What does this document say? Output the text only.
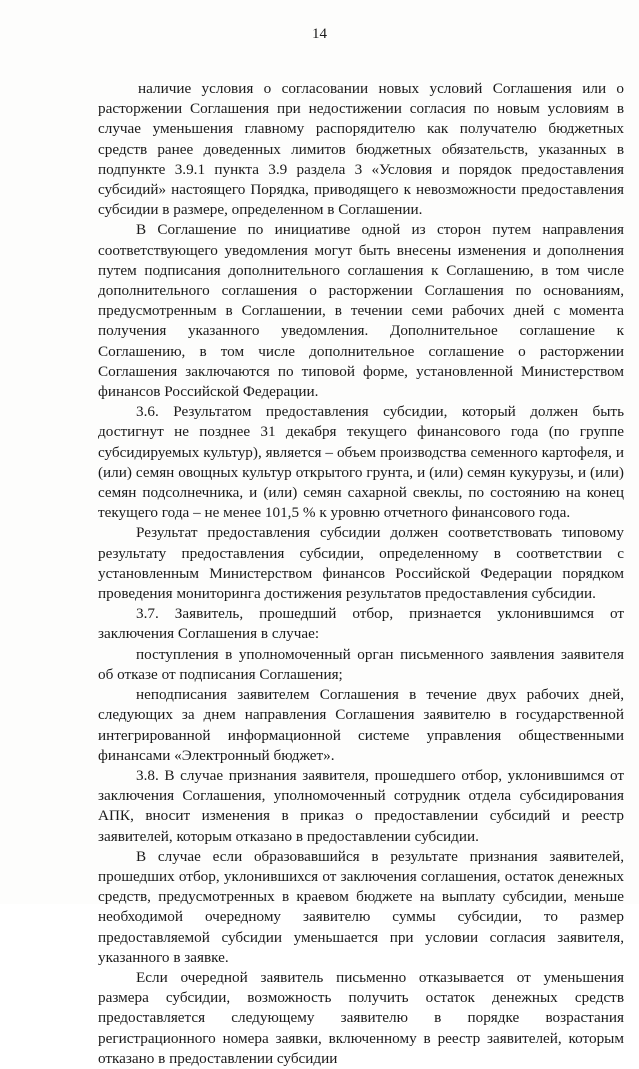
14

наличие условия о согласовании новых условий Соглашения или о расторжении Соглашения при недостижении согласия по новым условиям в случае уменьшения главному распорядителю как получателю бюджетных средств ранее доведенных лимитов бюджетных обязательств, указанных в подпункте 3.9.1 пункта 3.9 раздела 3 «Условия и порядок предоставления субсидий» настоящего Порядка, приводящего к невозможности предоставления субсидии в размере, определенном в Соглашении.

В Соглашение по инициативе одной из сторон путем направления соответствующего уведомления могут быть внесены изменения и дополнения путем подписания дополнительного соглашения к Соглашению, в том числе дополнительного соглашения о расторжении Соглашения по основаниям, предусмотренным в Соглашении, в течении семи рабочих дней с момента получения указанного уведомления. Дополнительное соглашение к Соглашению, в том числе дополнительное соглашение о расторжении Соглашения заключаются по типовой форме, установленной Министерством финансов Российской Федерации.

3.6. Результатом предоставления субсидии, который должен быть достигнут не позднее 31 декабря текущего финансового года (по группе субсидируемых культур), является – объем производства семенного картофеля, и (или) семян овощных культур открытого грунта, и (или) семян кукурузы, и (или) семян подсолнечника, и (или) семян сахарной свеклы, по состоянию на конец текущего года – не менее 101,5 % к уровню отчетного финансового года.

Результат предоставления субсидии должен соответствовать типовому результату предоставления субсидии, определенному в соответствии с установленным Министерством финансов Российской Федерации порядком проведения мониторинга достижения результатов предоставления субсидии.

3.7. Заявитель, прошедший отбор, признается уклонившимся от заключения Соглашения в случае:

поступления в уполномоченный орган письменного заявления заявителя об отказе от подписания Соглашения;

неподписания заявителем Соглашения в течение двух рабочих дней, следующих за днем направления Соглашения заявителю в государственной интегрированной информационной системе управления общественными финансами «Электронный бюджет».

3.8. В случае признания заявителя, прошедшего отбор, уклонившимся от заключения Соглашения, уполномоченный сотрудник отдела субсидирования АПК, вносит изменения в приказ о предоставлении субсидий и реестр заявителей, которым отказано в предоставлении субсидии.

В случае если образовавшийся в результате признания заявителей, прошедших отбор, уклонившихся от заключения соглашения, остаток денежных средств, предусмотренных в краевом бюджете на выплату субсидии, меньше необходимой очередному заявителю суммы субсидии, то размер предоставляемой субсидии уменьшается при условии согласия заявителя, указанного в заявке.

Если очередной заявитель письменно отказывается от уменьшения размера субсидии, возможность получить остаток денежных средств предоставляется следующему заявителю в порядке возрастания регистрационного номера заявки, включенному в реестр заявителей, которым отказано в предоставлении субсидии
